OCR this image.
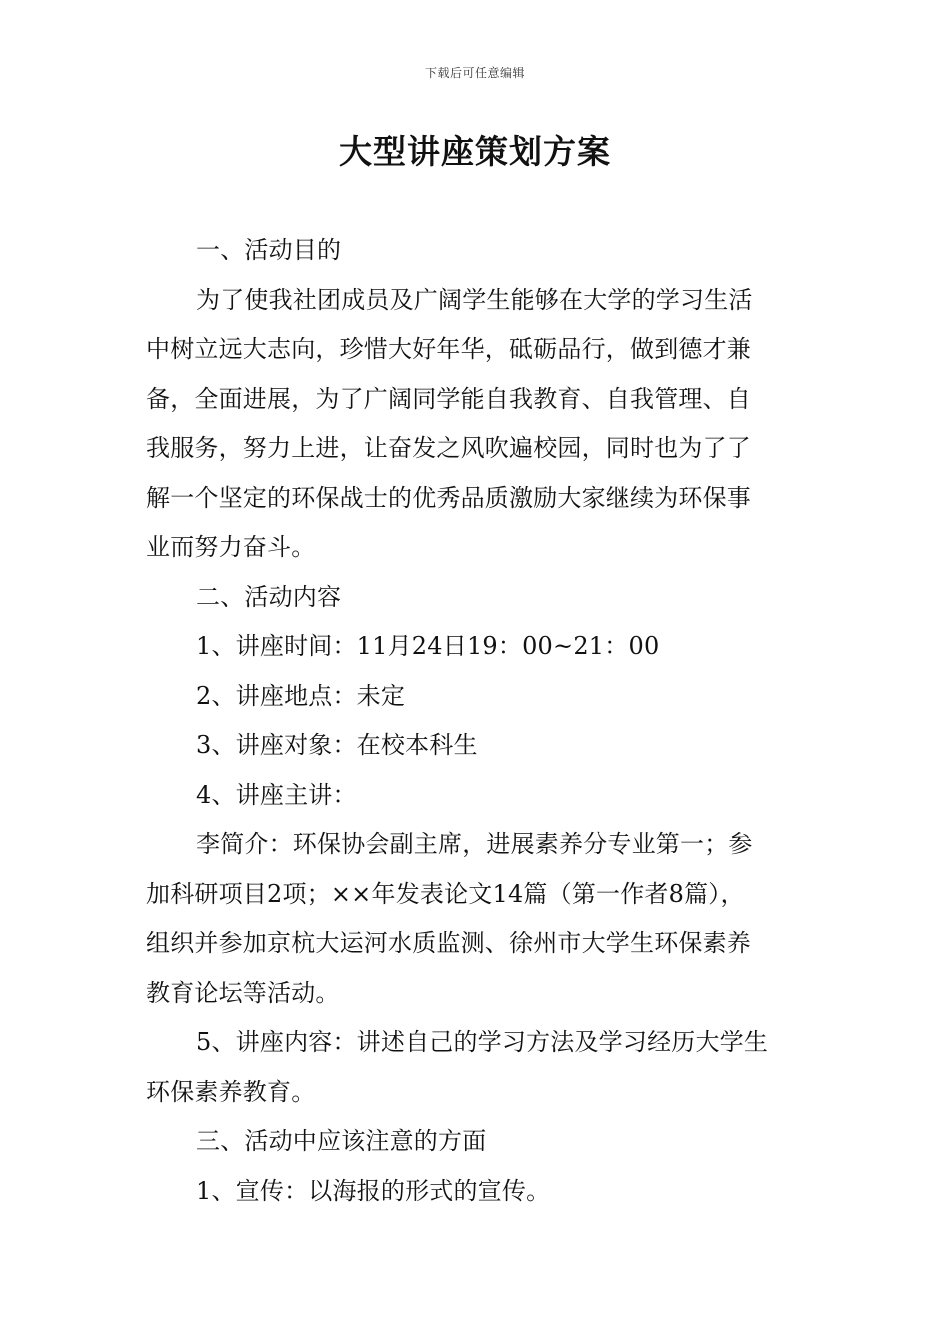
下载后可任意编辑
大型讲座策划方案

一、活动目的

为了使我社团成员及广阔学生能够在大学的学习生活

中树立远大志向，珍惜大好年华，砥砺品行，做到德才兼

备，全面进展，为了广阔同学能自我教育、自我管理、自

我服务，努力上进，让奋发之风吹遍校园，同时也为了了

解一个坚定的环保战士的优秀品质激励大家继续为环保事

业而努力奋斗。

二、活动内容

1、讲座时间：11月24日19：00~21：00

2、讲座地点：未定

3、讲座对象：在校本科生

4、讲座主讲：

李简介：环保协会副主席，进展素养分专业第一；参

加科研项目2项；××年发表论文14篇（第一作者8篇），

组织并参加京杭大运河水质监测、徐州市大学生环保素养

教育论坛等活动。

5、讲座内容：讲述自己的学习方法及学习经历大学生

环保素养教育。

三、活动中应该注意的方面

1、宣传：以海报的形式的宣传。
